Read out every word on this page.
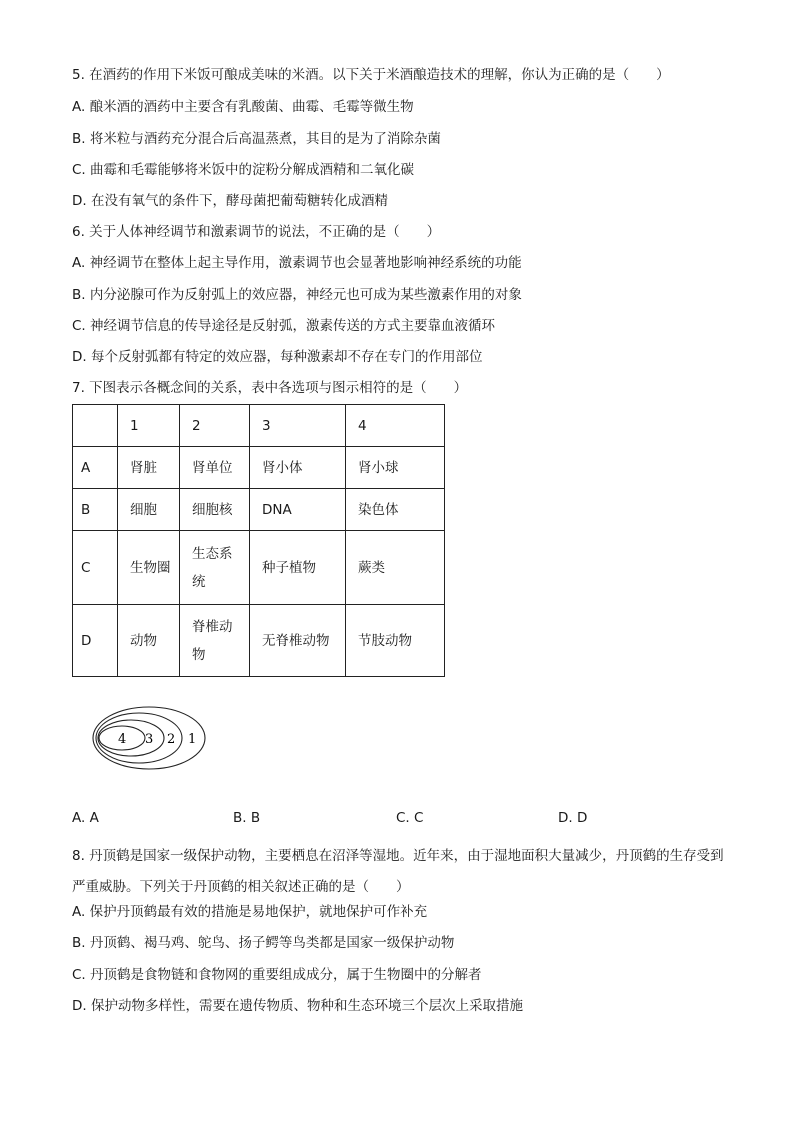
5. 在酒药的作用下米饭可酿成美味的米酒。以下关于米酒酿造技术的理解，你认为正确的是（　　）
A. 酿米酒的酒药中主要含有乳酸菌、曲霉、毛霉等微生物
B. 将米粒与酒药充分混合后高温蒸煮，其目的是为了消除杂菌
C. 曲霉和毛霉能够将米饭中的淀粉分解成酒精和二氧化碳
D. 在没有氧气的条件下，酵母菌把葡萄糖转化成酒精
6. 关于人体神经调节和激素调节的说法，不正确的是（　　）
A. 神经调节在整体上起主导作用，激素调节也会显著地影响神经系统的功能
B. 内分泌腺可作为反射弧上的效应器，神经元也可成为某些激素作用的对象
C. 神经调节信息的传导途径是反射弧，激素传送的方式主要靠血液循环
D. 每个反射弧都有特定的效应器，每种激素却不存在专门的作用部位
7. 下图表示各概念间的关系，表中各选项与图示相符的是（　　）
	1	2	3	4
A	肾脏	肾单位	肾小体	肾小球
B	细胞	细胞核	DNA	染色体
C	生物圈	生态系统	种子植物	蕨类
D	动物	脊椎动物	无脊椎动物	节肢动物
4 3 2 1
A. A	B. B	C. C	D. D
8. 丹顶鹤是国家一级保护动物，主要栖息在沼泽等湿地。近年来，由于湿地面积大量减少，丹顶鹤的生存受到严重威胁。下列关于丹顶鹤的相关叙述正确的是（　　）
A. 保护丹顶鹤最有效的措施是易地保护，就地保护可作补充
B. 丹顶鹤、褐马鸡、鸵鸟、扬子鳄等鸟类都是国家一级保护动物
C. 丹顶鹤是食物链和食物网的重要组成成分，属于生物圈中的分解者
D. 保护动物多样性，需要在遗传物质、物种和生态环境三个层次上采取措施
